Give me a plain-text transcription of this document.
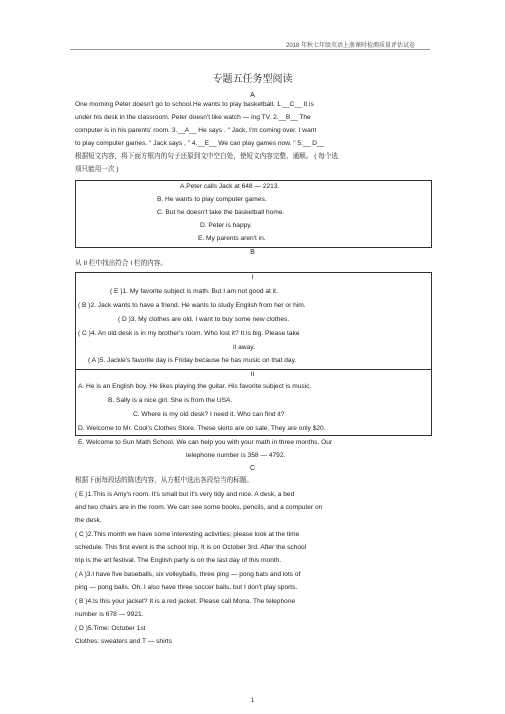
2018 年秋七年级英语上册课时检测质量评估试卷
专题五任务型阅读
A
One morning Peter doesn't go to school.He wants to play basketball. 1.__C__ It is
under his desk in the classroom. Peter doesn't like watch — ing TV. 2.__B__ The
computer is in his parents' room. 3.__A__ He says . " Jack, I'm coming over. I want
to play computer games. " Jack says , " 4.__E__ We can play games now. " 5.__ D__
根据短文内容，将下面方框内的句子还原到文中空白处，使短文内容完整、通顺。 ( 每个选
项只能用一次 )
A.Peter calls Jack at 648 — 2213.
B. He wants to play computer games.
C. But he doesn't take the basketball home.
D. Peter is happy.
E. My parents aren't in.
B
从 II 栏中找出符合 I 栏的内容。
I
( E )1. My favorite subject is math. But I am not good at it.
( B )2. Jack wants to have a friend. He wants to study English from her or him.
( D )3. My clothes are old. I want to buy some new clothes.
( C )4. An old desk is in my brother's room. Who lost it? It is big. Please take
it away.
( A )5. Jackie's favorite day is Friday because he has music on that day.
II
A. He is an English boy. He likes playing the guitar. His favorite subject is music.
B. Sally is a nice girl. She is from the USA.
C. Where is my old desk? I need it. Who can find it?
D. Welcome to Mr. Cool's Clothes Store. These skirts are on sale. They are only $20.
E. Welcome to Sun Math School. We can help you with your math in three months. Our
telephone number is 358 — 4792.
C
根据下面每段话的陈述内容，从方框中选出各段恰当的标题。
( E )1.This is Amy's room. It's small but it's very tidy and nice. A desk, a bed
and two chairs are in the room. We can see some books, pencils, and a computer on
the desk.
( C )2.This month we have some interesting activities; please look at the time
schedule. This first event is the school trip. It is on October 3rd. After the school
trip is the art festival. The English party is on the last day of this month.
( A )3.I have five baseballs, six volleyballs, three ping — pong bats and lots of
ping — pong balls. Oh. I also have three soccer balls, but I don't play sports.
( B )4.Is this your jacket? It is a red jacket. Please call Mona. The telephone
number is 678 — 9921.
( D )5.Time: October 1st
Clothes: sweaters and T — shirts
1
